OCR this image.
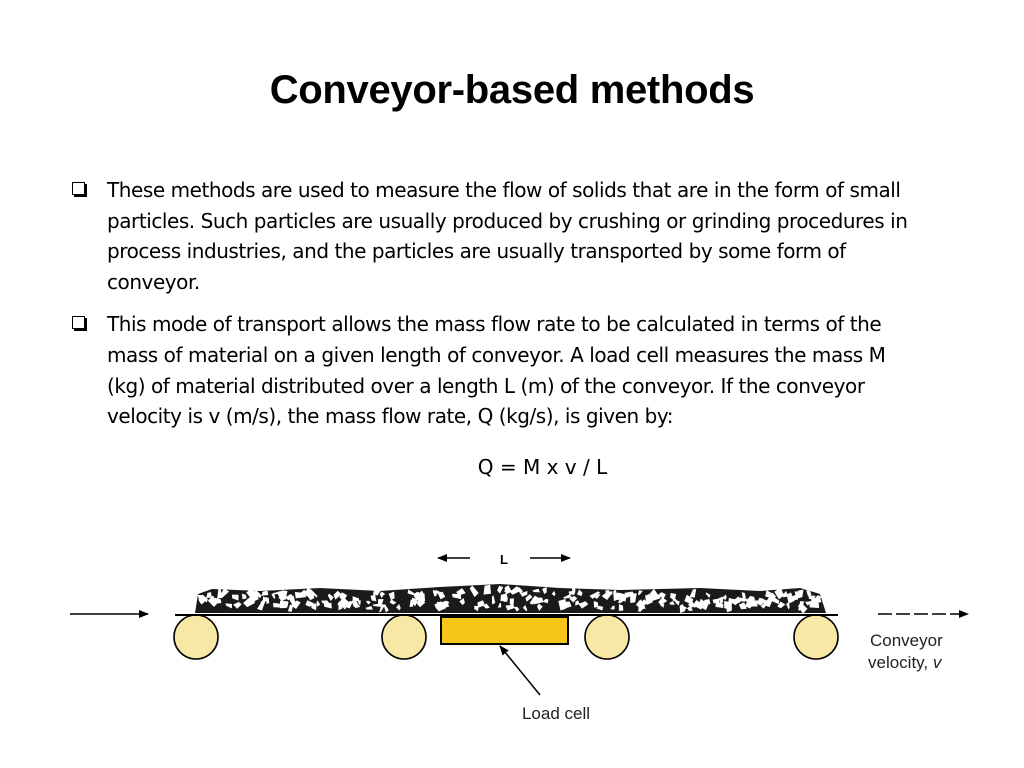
Conveyor-based methods
These methods are used to measure the flow of solids that are in the form of small particles. Such particles are usually produced by crushing or grinding procedures in process industries, and the particles are usually transported by some form of conveyor.
This mode of transport allows the mass flow rate to be calculated in terms of the mass of material on a given length of conveyor. A load cell measures the mass M (kg) of material distributed over a length L (m) of the conveyor. If the conveyor velocity is v (m/s), the mass flow rate, Q (kg/s), is given by:
Q = M x v / L
L
Load cell
Conveyor
velocity, v
